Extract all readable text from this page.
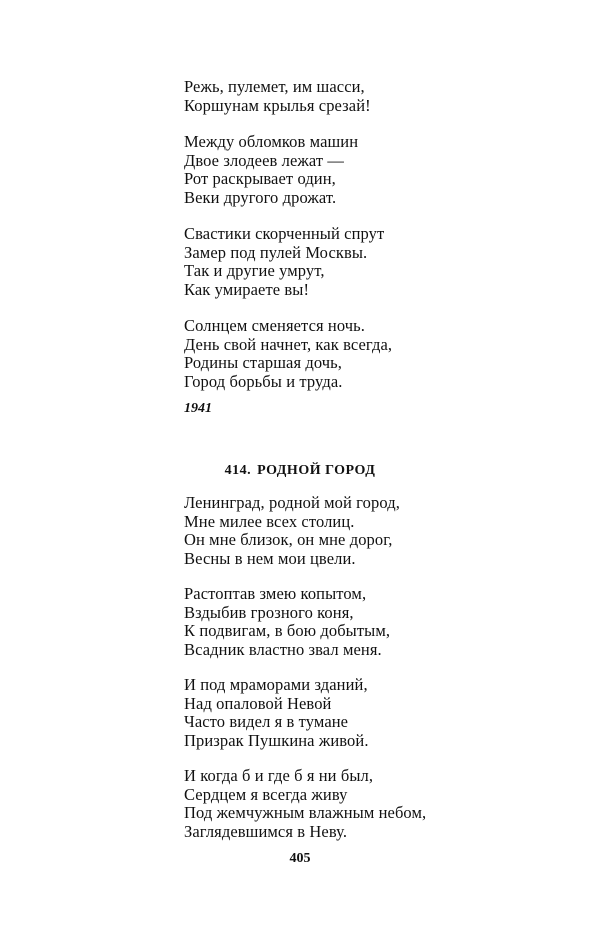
Режь, пулемет, им шасси,
Коршунам крылья срезай!
Между обломков машин
Двое злодеев лежат —
Рот раскрывает один,
Веки другого дрожат.
Свастики скорченный спрут
Замер под пулей Москвы.
Так и другие умрут,
Как умираете вы!
Солнцем сменяется ночь.
День свой начнет, как всегда,
Родины старшая дочь,
Город борьбы и труда.
1941
414. РОДНОЙ ГОРОД
Ленинград, родной мой город,
Мне милее всех столиц.
Он мне близок, он мне дорог,
Весны в нем мои цвели.
Растоптав змею копытом,
Вздыбив грозного коня,
К подвигам, в бою добытым,
Всадник властно звал меня.
И под мраморами зданий,
Над опаловой Невой
Часто видел я в тумане
Призрак Пушкина живой.
И когда б и где б я ни был,
Сердцем я всегда живу
Под жемчужным влажным небом,
Заглядевшимся в Неву.
405
